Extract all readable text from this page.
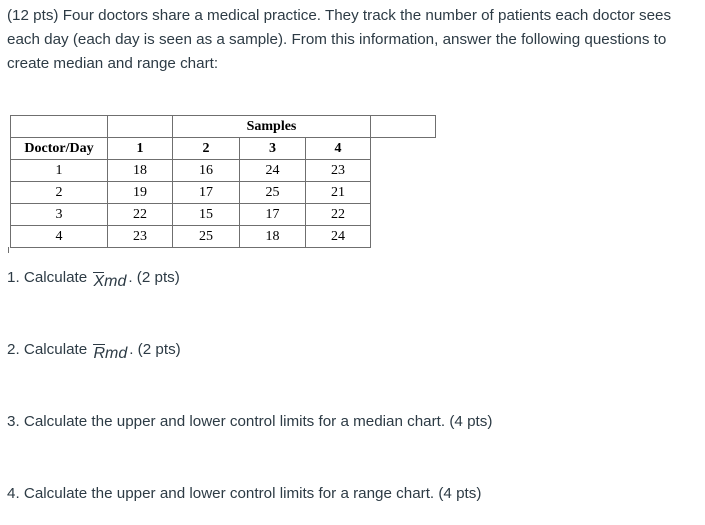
(12 pts) Four doctors share a medical practice. They track the number of patients each doctor sees each day (each day is seen as a sample). From this information, answer the following questions to create median and range chart:

		Samples			
Doctor/Day	1	2	3	4	
1	18	16	24	23	
2	19	17	25	21	
3	22	15	17	22	
4	23	25	18	24	

1. Calculate Xmd . (2 pts)

2. Calculate Rmd . (2 pts)

3. Calculate the upper and lower control limits for a median chart. (4 pts)

4. Calculate the upper and lower control limits for a range chart. (4 pts)
